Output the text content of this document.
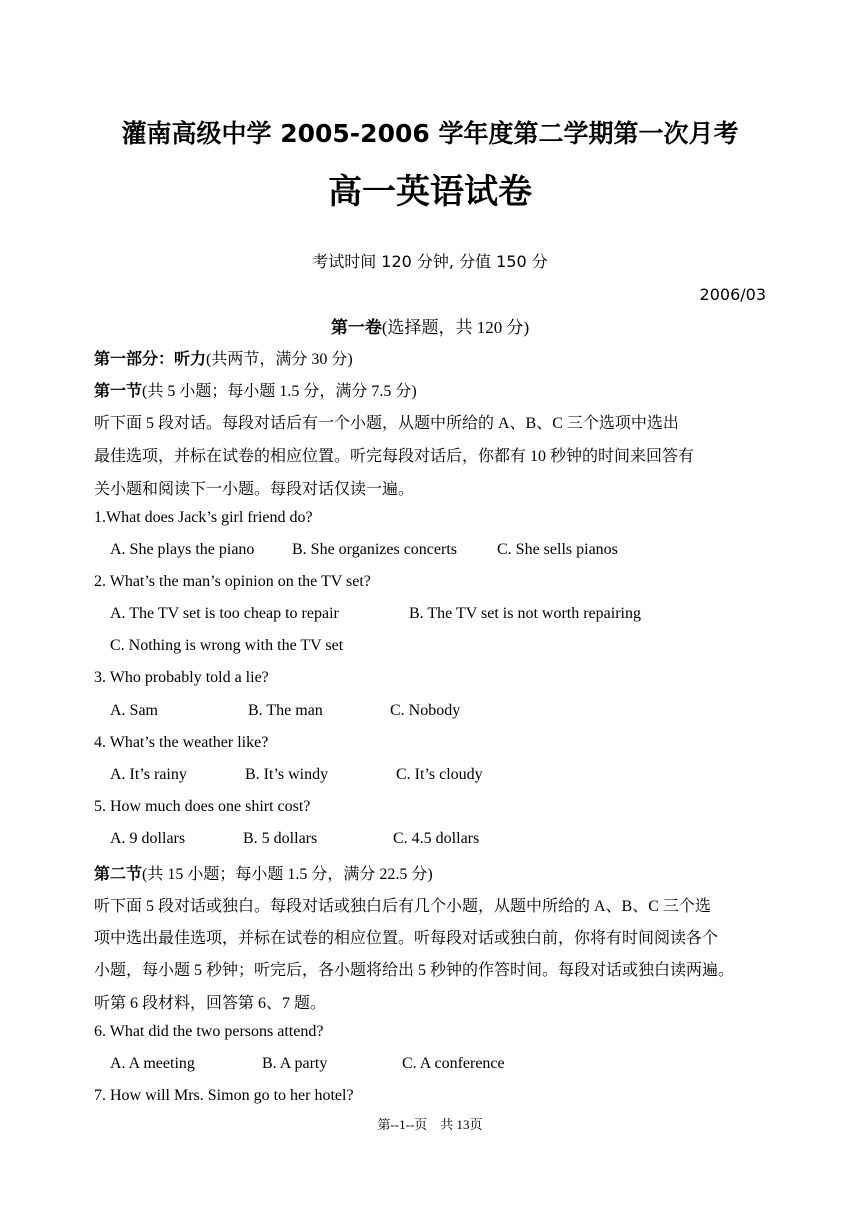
灌南高级中学 2005-2006 学年度第二学期第一次月考
高一英语试卷
考试时间 120 分钟, 分值 150 分
2006/03
第一卷(选择题，共 120 分)
第一部分：听力(共两节，满分 30 分)
第一节(共 5 小题；每小题 1.5 分，满分 7.5 分)
听下面 5 段对话。每段对话后有一个小题，从题中所给的 A、B、C 三个选项中选出
最佳选项，并标在试卷的相应位置。听完每段对话后，你都有 10 秒钟的时间来回答有
关小题和阅读下一小题。每段对话仅读一遍。
1.What does Jack’s girl friend do?
A. She plays the piano B. She organizes concerts	C. She sells pianos
2. What’s the man’s opinion on the TV set?
A. The TV set is too cheap to repair	B. The TV set is not worth repairing
C. Nothing is wrong with the TV set
3. Who probably told a lie?
A. Sam	B. The man	C. Nobody
4. What’s the weather like?
A. It’s rainy	B. It’s windy	C. It’s cloudy
5. How much does one shirt cost?
A. 9 dollars	B. 5 dollars	C. 4.5 dollars
第二节(共 15 小题；每小题 1.5 分，满分 22.5 分)
听下面 5 段对话或独白。每段对话或独白后有几个小题，从题中所给的 A、B、C 三个选
项中选出最佳选项，并标在试卷的相应位置。听每段对话或独白前，你将有时间阅读各个
小题，每小题 5 秒钟；听完后，各小题将给出 5 秒钟的作答时间。每段对话或独白读两遍。
听第 6 段材料，回答第 6、7 题。
6. What did the two persons attend?
A. A meeting	B. A party	C. A conference
7. How will Mrs. Simon go to her hotel?
第--1--页　共 13页
